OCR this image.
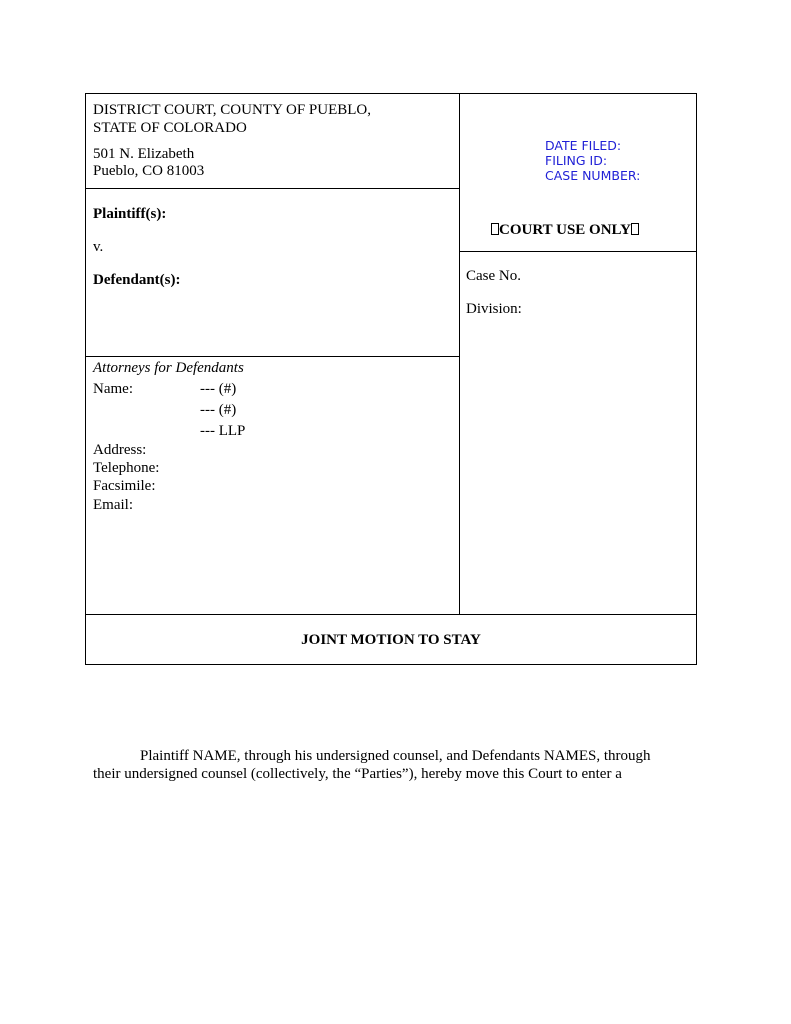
DISTRICT COURT, COUNTY OF PUEBLO,
STATE OF COLORADO
501 N. Elizabeth
Pueblo, CO 81003
Plaintiff(s):
v.
Defendant(s):
Attorneys for Defendants
Name:	--- (#)
--- (#)
--- LLP
Address:
Telephone:
Facsimile:
Email:
DATE FILED:
FILING ID:
CASE NUMBER:
COURT USE ONLY
Case No.
Division:
JOINT MOTION TO STAY
Plaintiff NAME, through his undersigned counsel, and Defendants NAMES, through
their undersigned counsel (collectively, the “Parties”), hereby move this Court to enter a
